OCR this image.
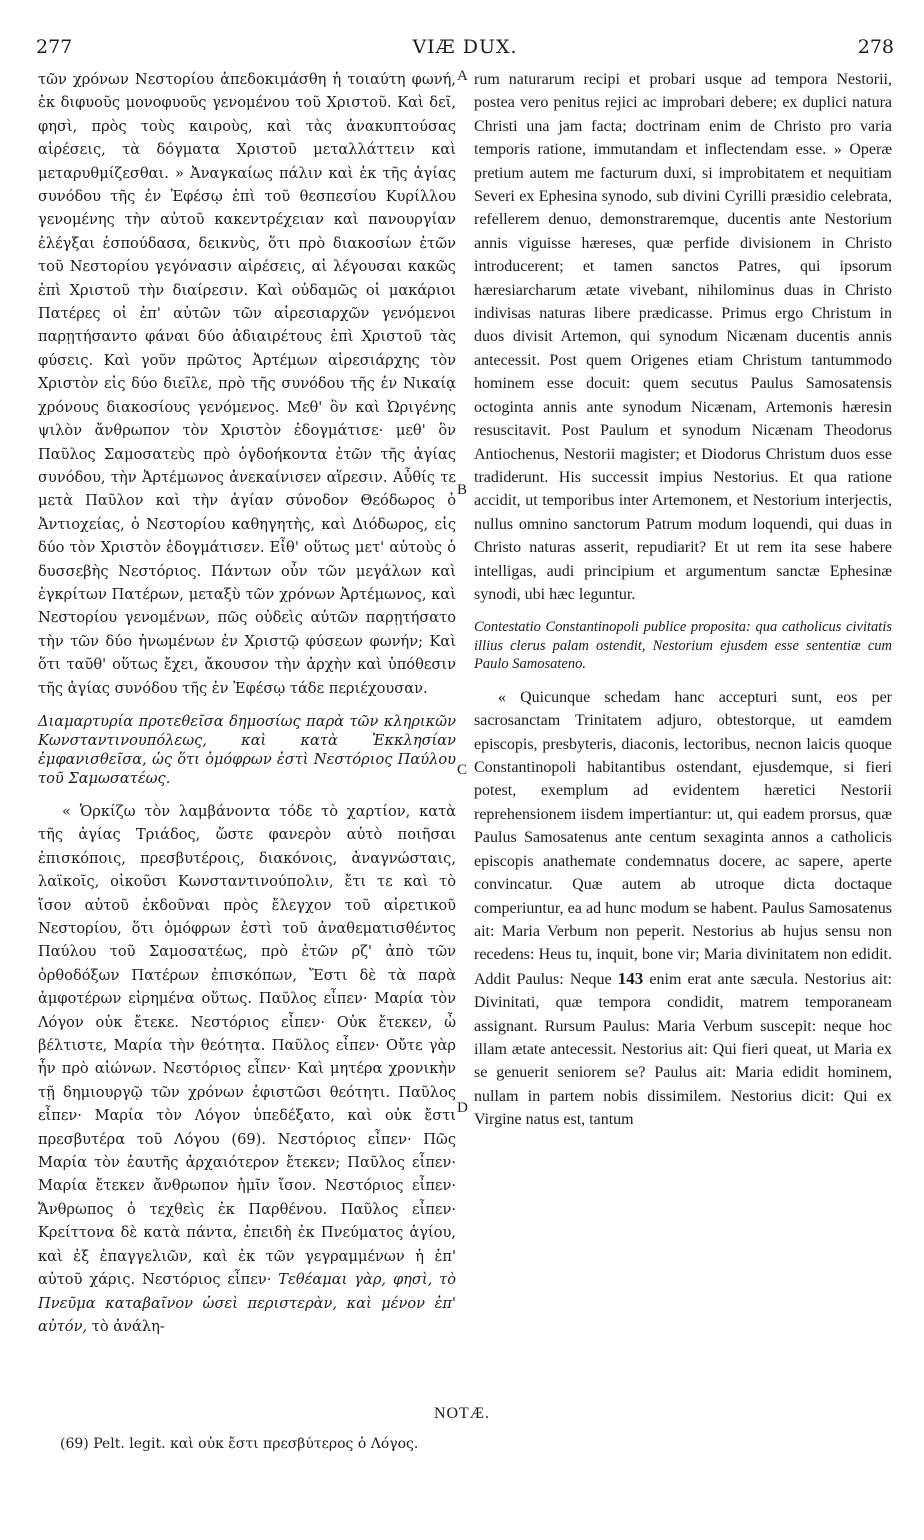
277	VIÆ DUX.	278

τῶν χρόνων Νεστορίου ἀπεδοκιμάσθη ἡ τοιαύτη φωνή, ἐκ διφυοῦς μονοφυοῦς γενομένου τοῦ Χριστοῦ. Καὶ δεῖ, φησὶ, πρὸς τοὺς καιροὺς, καὶ τὰς ἀνακυπτούσας αἱρέσεις, τὰ δόγματα Χριστοῦ μεταλλάττειν καὶ μεταρυθμίζεσθαι. » Ἀναγκαίως πάλιν καὶ ἐκ τῆς ἁγίας συνόδου τῆς ἐν Ἐφέσῳ ἐπὶ τοῦ θεσπεσίου Κυρίλλου γενομένης τὴν αὐτοῦ κακεντρέχειαν καὶ πανουργίαν ἐλέγξαι ἐσπούδασα, δεικνὺς, ὅτι πρὸ διακοσίων ἐτῶν τοῦ Νεστορίου γεγόνασιν αἱρέσεις, αἱ λέγουσαι κακῶς ἐπὶ Χριστοῦ τὴν διαίρεσιν. Καὶ οὐδαμῶς οἱ μακάριοι Πατέρες οἱ ἐπ' αὐτῶν τῶν αἱρεσιαρχῶν γενόμενοι παρῃτήσαντο φάναι δύο ἀδιαιρέτους ἐπὶ Χριστοῦ τὰς φύσεις. Καὶ γοῦν πρῶτος Ἀρτέμων αἱρεσιάρχης τὸν Χριστὸν εἰς δύο διεῖλε, πρὸ τῆς συνόδου τῆς ἐν Νικαίᾳ χρόνους διακοσίους γενόμενος. Μεθ' ὃν καὶ Ὠριγένης ψιλὸν ἄνθρωπον τὸν Χριστὸν ἐδογμάτισε· μεθ' ὃν Παῦλος Σαμοσατεὺς πρὸ ὀγδοήκοντα ἐτῶν τῆς ἁγίας συνόδου, τὴν Ἀρτέμωνος ἀνεκαίνισεν αἵρεσιν. Αὖθίς τε μετὰ Παῦλον καὶ τὴν ἁγίαν σύνοδον Θεόδωρος ὁ Ἀντιοχείας, ὁ Νεστορίου καθηγητὴς, καὶ Διόδωρος, εἰς δύο τὸν Χριστὸν ἐδογμάτισεν. Εἶθ' οὕτως μετ' αὐτοὺς ὁ δυσσεβὴς Νεστόριος. Πάντων οὖν τῶν μεγάλων καὶ ἐγκρίτων Πατέρων, μεταξὺ τῶν χρόνων Ἀρτέμωνος, καὶ Νεστορίου γενομένων, πῶς οὐδεὶς αὐτῶν παρῃτήσατο τὴν τῶν δύο ἡνωμένων ἐν Χριστῷ φύσεων φωνήν; Καὶ ὅτι ταῦθ' οὕτως ἔχει, ἄκουσον τὴν ἀρχὴν καὶ ὑπόθεσιν τῆς ἁγίας συνόδου τῆς ἐν Ἐφέσῳ τάδε περιέχουσαν.

Διαμαρτυρία προτεθεῖσα δημοσίως παρὰ τῶν κληρικῶν Κωνσταντινουπόλεως, καὶ κατὰ Ἐκκλησίαν ἐμφανισθεῖσα, ὡς ὅτι ὁμόφρων ἐστὶ Νεστόριος Παύλου τοῦ Σαμωσατέως.

« Ὁρκίζω τὸν λαμβάνοντα τόδε τὸ χαρτίον, κατὰ τῆς ἁγίας Τριάδος, ὥστε φανερὸν αὐτὸ ποιῆσαι ἐπισκόποις, πρεσβυτέροις, διακόνοις, ἀναγνώσταις, λαϊκοῖς, οἰκοῦσι Κωνσταντινούπολιν, ἔτι τε καὶ τὸ ἴσον αὐτοῦ ἐκδοῦναι πρὸς ἔλεγχον τοῦ αἱρετικοῦ Νεστορίου, ὅτι ὁμόφρων ἐστὶ τοῦ ἀναθεματισθέντος Παύλου τοῦ Σαμοσατέως, πρὸ ἐτῶν ρζ' ἀπὸ τῶν ὀρθοδόξων Πατέρων ἐπισκόπων, Ἔστι δὲ τὰ παρὰ ἀμφοτέρων εἰρημένα οὕτως. Παῦλος εἶπεν· Μαρία τὸν Λόγον οὐκ ἔτεκε. Νεστόριος εἶπεν· Οὐκ ἔτεκεν, ὦ βέλτιστε, Μαρία τὴν θεότητα. Παῦλος εἶπεν· Οὔτε γὰρ ἦν πρὸ αἰώνων. Νεστόριος εἶπεν· Καὶ μητέρα χρονικὴν τῇ δημιουργῷ τῶν χρόνων ἐφιστῶσι θεότητι. Παῦλος εἶπεν· Μαρία τὸν Λόγον ὑπεδέξατο, καὶ οὐκ ἔστι πρεσβυτέρα τοῦ Λόγου (69). Νεστόριος εἶπεν· Πῶς Μαρία τὸν ἑαυτῆς ἀρχαιότερον ἔτεκεν; Παῦλος εἶπεν· Μαρία ἔτεκεν ἄνθρωπον ἡμῖν ἴσον. Νεστόριος εἶπεν· Ἄνθρωπος ὁ τεχθεὶς ἐκ Παρθένου. Παῦλος εἶπεν· Κρείττονα δὲ κατὰ πάντα, ἐπειδὴ ἐκ Πνεύματος ἁγίου, καὶ ἐξ ἐπαγγελιῶν, καὶ ἐκ τῶν γεγραμμένων ἡ ἐπ' αὐτοῦ χάρις. Νεστόριος εἶπεν· Τεθέαμαι γὰρ, φησὶ, τὸ Πνεῦμα καταβαῖνον ὡσεὶ περιστερὰν, καὶ μένον ἐπ' αὐτόν, τὸ ἀνάλη-

A
B
C
D

rum naturarum recipi et probari usque ad tempora Nestorii, postea vero penitus rejici ac improbari debere; ex duplici natura Christi una jam facta; doctrinam enim de Christo pro varia temporis ratione, immutandam et inflectendam esse. » Operæ pretium autem me facturum duxi, si improbitatem et nequitiam Severi ex Ephesina synodo, sub divini Cyrilli præsidio celebrata, refellerem denuo, demonstraremque, ducentis ante Nestorium annis viguisse hæreses, quæ perfide divisionem in Christo introducerent; et tamen sanctos Patres, qui ipsorum hæresiarcharum ætate vivebant, nihilominus duas in Christo indivisas naturas libere prædicasse. Primus ergo Christum in duos divisit Artemon, qui synodum Nicænam ducentis annis antecessit. Post quem Origenes etiam Christum tantummodo hominem esse docuit: quem secutus Paulus Samosatensis octoginta annis ante synodum Nicænam, Artemonis hæresin resuscitavit. Post Paulum et synodum Nicænam Theodorus Antiochenus, Nestorii magister; et Diodorus Christum duos esse tradiderunt. His successit impius Nestorius. Et qua ratione accidit, ut temporibus inter Artemonem, et Nestorium interjectis, nullus omnino sanctorum Patrum modum loquendi, qui duas in Christo naturas asserit, repudiarit? Et ut rem ita sese habere intelligas, audi principium et argumentum sanctæ Ephesinæ synodi, ubi hæc leguntur.

Contestatio Constantinopoli publice proposita: qua catholicus civitatis illius clerus palam ostendit, Nestorium ejusdem esse sententiæ cum Paulo Samosateno.

« Quicunque schedam hanc accepturi sunt, eos per sacrosanctam Trinitatem adjuro, obtestorque, ut eamdem episcopis, presbyteris, diaconis, lectoribus, necnon laicis quoque Constantinopoli habitantibus ostendant, ejusdemque, si fieri potest, exemplum ad evidentem hæretici Nestorii reprehensionem iisdem impertiantur: ut, qui eadem prorsus, quæ Paulus Samosatenus ante centum sexaginta annos a catholicis episcopis anathemate condemnatus docere, ac sapere, aperte convincatur. Quæ autem ab utroque dicta doctaque comperiuntur, ea ad hunc modum se habent. Paulus Samosatenus ait: Maria Verbum non peperit. Nestorius ab hujus sensu non recedens: Heus tu, inquit, bone vir; Maria divinitatem non edidit. Addit Paulus: Neque 143 enim erat ante sæcula. Nestorius ait: Divinitati, quæ tempora condidit, matrem temporaneam assignant. Rursum Paulus: Maria Verbum suscepit: neque hoc illam ætate antecessit. Nestorius ait: Qui fieri queat, ut Maria ex se genuerit seniorem se? Paulus ait: Maria edidit hominem, nullam in partem nobis dissimilem. Nestorius dicit: Qui ex Virgine natus est, tantum

NOTÆ.
(69) Pelt. legit. καὶ οὐκ ἔστι πρεσβύτερος ὁ Λόγος.
